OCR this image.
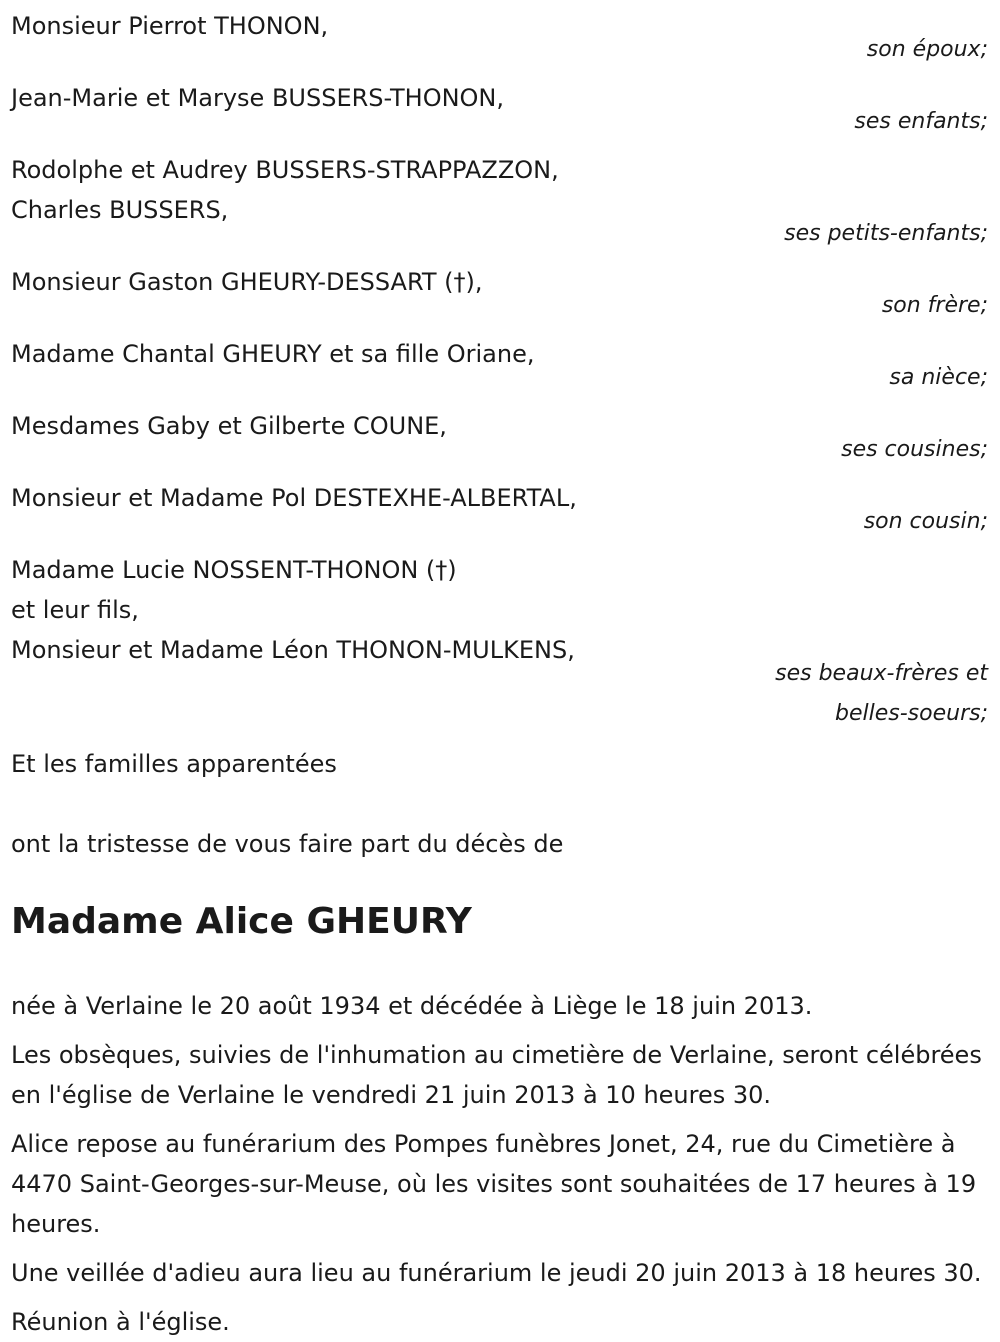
Monsieur Pierrot THONON,
son époux;
Jean-Marie et Maryse BUSSERS-THONON,
ses enfants;
Rodolphe et Audrey BUSSERS-STRAPPAZZON,
Charles BUSSERS,
ses petits-enfants;
Monsieur Gaston GHEURY-DESSART (†),
son frère;
Madame Chantal GHEURY et sa fille Oriane,
sa nièce;
Mesdames Gaby et Gilberte COUNE,
ses cousines;
Monsieur et Madame Pol DESTEXHE-ALBERTAL,
son cousin;
Madame Lucie NOSSENT-THONON (†)
et leur fils,
Monsieur et Madame Léon THONON-MULKENS,
ses beaux-frères et
belles-soeurs;
Et les familles apparentées
ont la tristesse de vous faire part du décès de
Madame Alice GHEURY
née à Verlaine le 20 août 1934 et décédée à Liège le 18 juin 2013.
Les obsèques, suivies de l'inhumation au cimetière de Verlaine, seront célébrées en l'église de Verlaine le vendredi 21 juin 2013 à 10 heures 30.
Alice repose au funérarium des Pompes funèbres Jonet, 24, rue du Cimetière à 4470 Saint-Georges-sur-Meuse, où les visites sont souhaitées de 17 heures à 19 heures.
Une veillée d'adieu aura lieu au funérarium le jeudi 20 juin 2013 à 18 heures 30.
Réunion à l'église.
